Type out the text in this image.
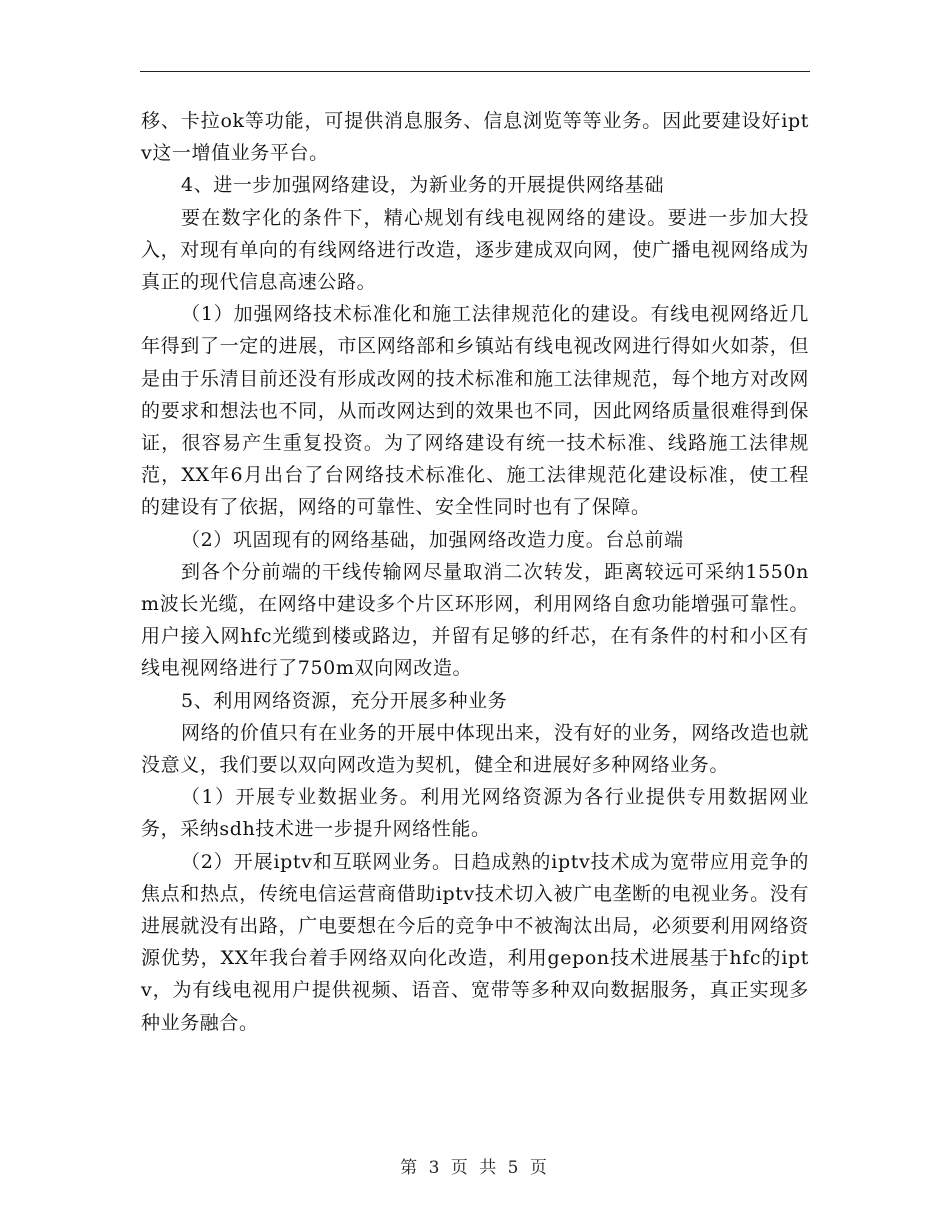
移、卡拉ok等功能，可提供消息服务、信息浏览等等业务。因此要建设好iptv这一增值业务平台。

4、进一步加强网络建设，为新业务的开展提供网络基础

要在数字化的条件下，精心规划有线电视网络的建设。要进一步加大投入，对现有单向的有线网络进行改造，逐步建成双向网，使广播电视网络成为真正的现代信息高速公路。

（1）加强网络技术标准化和施工法律规范化的建设。有线电视网络近几年得到了一定的进展，市区网络部和乡镇站有线电视改网进行得如火如荼，但是由于乐清目前还没有形成改网的技术标准和施工法律规范，每个地方对改网的要求和想法也不同，从而改网达到的效果也不同，因此网络质量很难得到保证，很容易产生重复投资。为了网络建设有统一技术标准、线路施工法律规范，XX年6月出台了台网络技术标准化、施工法律规范化建设标准，使工程的建设有了依据，网络的可靠性、安全性同时也有了保障。

（2）巩固现有的网络基础，加强网络改造力度。台总前端

到各个分前端的干线传输网尽量取消二次转发，距离较远可采纳1550nm波长光缆，在网络中建设多个片区环形网，利用网络自愈功能增强可靠性。用户接入网hfc光缆到楼或路边，并留有足够的纤芯，在有条件的村和小区有线电视网络进行了750m双向网改造。

5、利用网络资源，充分开展多种业务

网络的价值只有在业务的开展中体现出来，没有好的业务，网络改造也就没意义，我们要以双向网改造为契机，健全和进展好多种网络业务。

（1）开展专业数据业务。利用光网络资源为各行业提供专用数据网业务，采纳sdh技术进一步提升网络性能。

（2）开展iptv和互联网业务。日趋成熟的iptv技术成为宽带应用竞争的焦点和热点，传统电信运营商借助iptv技术切入被广电垄断的电视业务。没有进展就没有出路，广电要想在今后的竞争中不被淘汰出局，必须要利用网络资源优势，XX年我台着手网络双向化改造，利用gepon技术进展基于hfc的iptv，为有线电视用户提供视频、语音、宽带等多种双向数据服务，真正实现多种业务融合。

第 3 页 共 5 页
